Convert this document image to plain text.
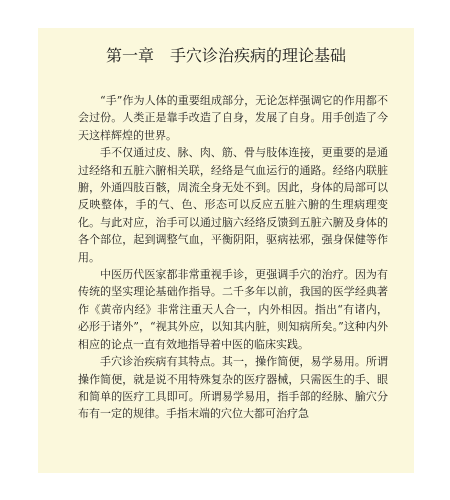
第一章　手穴诊治疾病的理论基础

“手”作为人体的重要组成部分，无论怎样强调它的作用都不会过份。人类正是靠手改造了自身，发展了自身。用手创造了今天这样辉煌的世界。

手不仅通过皮、脉、肉、筋、骨与肢体连接，更重要的是通过经络和五脏六腑相关联，经络是气血运行的通路。经络内联脏腑，外通四肢百骸，周流全身无处不到。因此，身体的局部可以反映整体，手的气、色、形态可以反应五脏六腑的生理病理变化。与此对应，治手可以通过脑六经络反馈到五脏六腑及身体的各个部位，起到调整气血，平衡阴阳，驱病祛邪，强身保健等作用。

中医历代医家都非常重视手诊，更强调手穴的治疗。因为有传统的坚实理论基础作指导。二千多年以前，我国的医学经典著作《黄帝内经》非常注重天人合一，内外相因。指出“有诸内，必形于诸外”，“视其外应，以知其内脏，则知病所矣。”这种内外相应的论点一直有效地指导着中医的临床实践。

手穴诊治疾病有其特点。其一，操作简便，易学易用。所谓操作简便，就是说不用特殊复杂的医疗器械，只需医生的手、眼和简单的医疗工具即可。所谓易学易用，指手部的经脉、腧穴分布有一定的规律。手指末端的穴位大都可治疗急
